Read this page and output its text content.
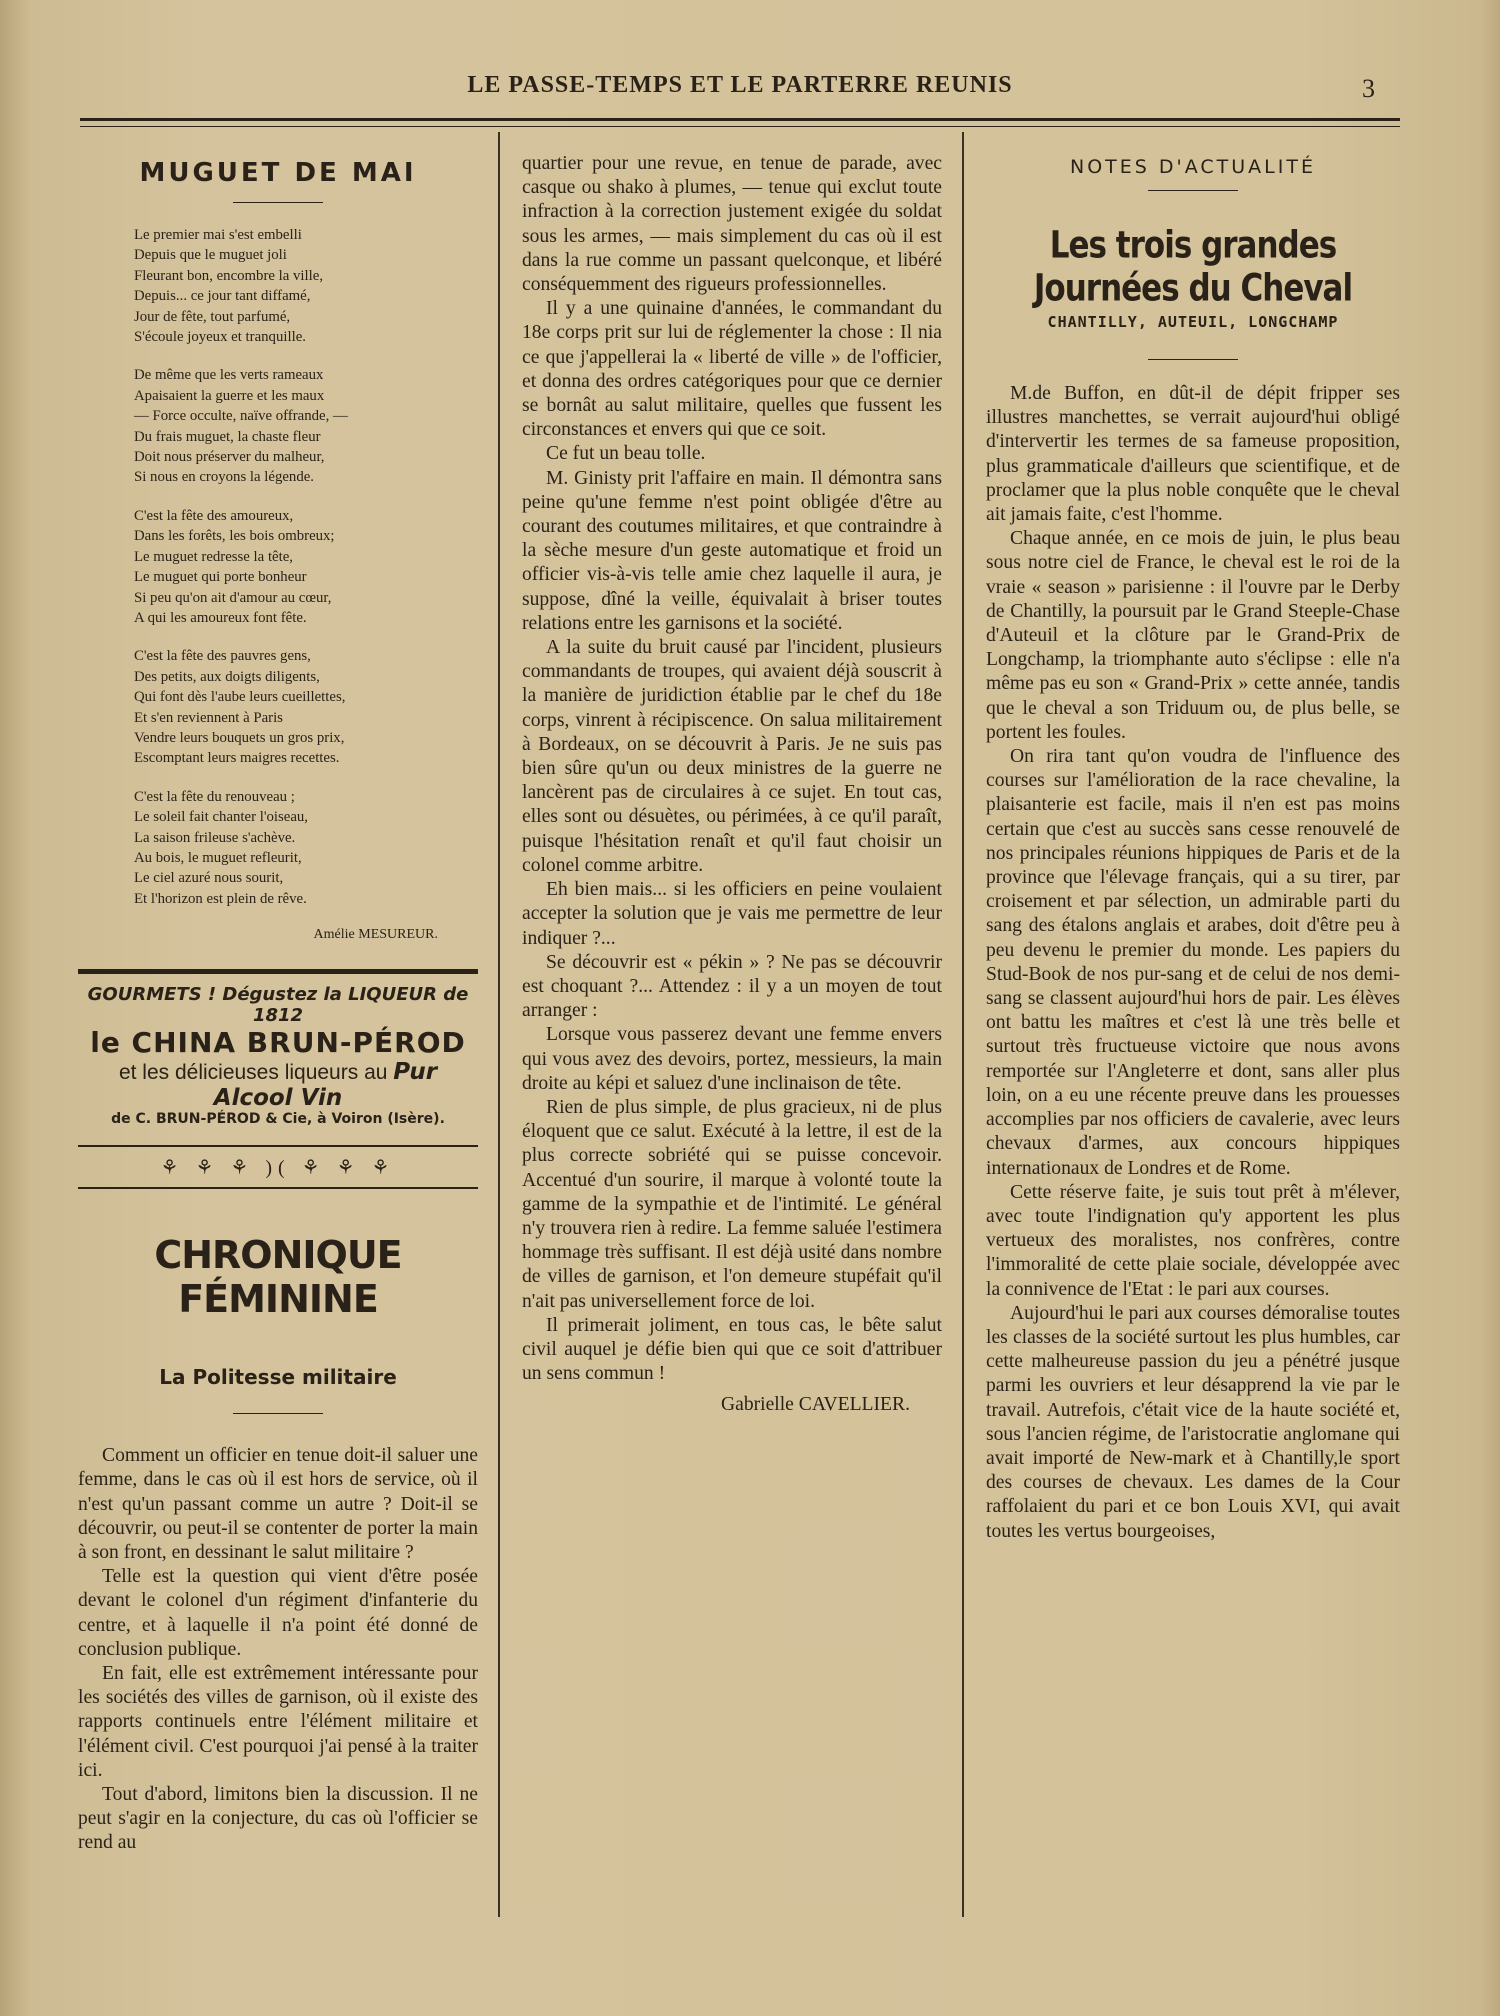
LE PASSE-TEMPS ET LE PARTERRE REUNIS	3
MUGUET DE MAI
Le premier mai s'est embelli
Depuis que le muguet joli
Fleurant bon, encombre la ville,
Depuis... ce jour tant diffamé,
Jour de fête, tout parfumé,
S'écoule joyeux et tranquille.
De même que les verts rameaux
Apaisaient la guerre et les maux
— Force occulte, naïve offrande, —
Du frais muguet, la chaste fleur
Doit nous préserver du malheur,
Si nous en croyons la légende.
C'est la fête des amoureux,
Dans les forêts, les bois ombreux;
Le muguet redresse la tête,
Le muguet qui porte bonheur
Si peu qu'on ait d'amour au cœur,
A qui les amoureux font fête.
C'est la fête des pauvres gens,
Des petits, aux doigts diligents,
Qui font dès l'aube leurs cueillettes,
Et s'en reviennent à Paris
Vendre leurs bouquets un gros prix,
Escomptant leurs maigres recettes.
C'est la fête du renouveau ;
Le soleil fait chanter l'oiseau,
La saison frileuse s'achève.
Au bois, le muguet refleurit,
Le ciel azuré nous sourit,
Et l'horizon est plein de rêve.
Amélie MESUREUR.
GOURMETS ! Dégustez la LIQUEUR de 1812
le CHINA BRUN-PÉROD
et les délicieuses liqueurs au Pur Alcool Vin
de C. BRUN-PÉROD & Cie, à Voiron (Isère).
⚘ ⚘ ⚘ )( ⚘ ⚘ ⚘
CHRONIQUE FÉMININE
La Politesse militaire

Comment un officier en tenue doit-il saluer une femme, dans le cas où il est hors de service, où il n'est qu'un passant comme un autre ? Doit-il se découvrir, ou peut-il se contenter de porter la main à son front, en dessinant le salut militaire ?

Telle est la question qui vient d'être posée devant le colonel d'un régiment d'infanterie du centre, et à laquelle il n'a point été donné de conclusion publique.

En fait, elle est extrêmement intéressante pour les sociétés des villes de garnison, où il existe des rapports continuels entre l'élément militaire et l'élément civil. C'est pourquoi j'ai pensé à la traiter ici.

Tout d'abord, limitons bien la discussion. Il ne peut s'agir en la conjecture, du cas où l'officier se rend au

quartier pour une revue, en tenue de parade, avec casque ou shako à plumes, — tenue qui exclut toute infraction à la correction justement exigée du soldat sous les armes, — mais simplement du cas où il est dans la rue comme un passant quelconque, et libéré conséquemment des rigueurs professionnelles.

Il y a une quinaine d'années, le commandant du 18e corps prit sur lui de réglementer la chose : Il nia ce que j'appellerai la « liberté de ville » de l'officier, et donna des ordres catégoriques pour que ce dernier se bornât au salut militaire, quelles que fussent les circonstances et envers qui que ce soit.

Ce fut un beau tolle.

M. Ginisty prit l'affaire en main. Il démontra sans peine qu'une femme n'est point obligée d'être au courant des coutumes militaires, et que contraindre à la sèche mesure d'un geste automatique et froid un officier vis-à-vis telle amie chez laquelle il aura, je suppose, dîné la veille, équivalait à briser toutes relations entre les garnisons et la société.

A la suite du bruit causé par l'incident, plusieurs commandants de troupes, qui avaient déjà souscrit à la manière de juridiction établie par le chef du 18e corps, vinrent à récipiscence. On salua militairement à Bordeaux, on se découvrit à Paris. Je ne suis pas bien sûre qu'un ou deux ministres de la guerre ne lancèrent pas de circulaires à ce sujet. En tout cas, elles sont ou désuètes, ou périmées, à ce qu'il paraît, puisque l'hésitation renaît et qu'il faut choisir un colonel comme arbitre.

Eh bien mais... si les officiers en peine voulaient accepter la solution que je vais me permettre de leur indiquer ?...

Se découvrir est « pékin » ? Ne pas se découvrir est choquant ?... Attendez : il y a un moyen de tout arranger :

Lorsque vous passerez devant une femme envers qui vous avez des devoirs, portez, messieurs, la main droite au képi et saluez d'une inclinaison de tête.

Rien de plus simple, de plus gracieux, ni de plus éloquent que ce salut. Exécuté à la lettre, il est de la plus correcte sobriété qui se puisse concevoir. Accentué d'un sourire, il marque à volonté toute la gamme de la sympathie et de l'intimité. Le général n'y trouvera rien à redire. La femme saluée l'estimera hommage très suffisant. Il est déjà usité dans nombre de villes de garnison, et l'on demeure stupéfait qu'il n'ait pas universellement force de loi.

Il primerait joliment, en tous cas, le bête salut civil auquel je défie bien qui que ce soit d'attribuer un sens commun !

Gabrielle CAVELLIER.
NOTES D'ACTUALITÉ
Les trois grandes Journées du Cheval
CHANTILLY, AUTEUIL, LONGCHAMP

M.de Buffon, en dût-il de dépit fripper ses illustres manchettes, se verrait aujourd'hui obligé d'intervertir les termes de sa fameuse proposition, plus grammaticale d'ailleurs que scientifique, et de proclamer que la plus noble conquête que le cheval ait jamais faite, c'est l'homme.

Chaque année, en ce mois de juin, le plus beau sous notre ciel de France, le cheval est le roi de la vraie « season » parisienne : il l'ouvre par le Derby de Chantilly, la poursuit par le Grand Steeple-Chase d'Auteuil et la clôture par le Grand-Prix de Longchamp, la triomphante auto s'éclipse : elle n'a même pas eu son « Grand-Prix » cette année, tandis que le cheval a son Triduum ou, de plus belle, se portent les foules.

On rira tant qu'on voudra de l'influence des courses sur l'amélioration de la race chevaline, la plaisanterie est facile, mais il n'en est pas moins certain que c'est au succès sans cesse renouvelé de nos principales réunions hippiques de Paris et de la province que l'élevage français, qui a su tirer, par croisement et par sélection, un admirable parti du sang des étalons anglais et arabes, doit d'être peu à peu devenu le premier du monde. Les papiers du Stud-Book de nos pur-sang et de celui de nos demi-sang se classent aujourd'hui hors de pair. Les élèves ont battu les maîtres et c'est là une très belle et surtout très fructueuse victoire que nous avons remportée sur l'Angleterre et dont, sans aller plus loin, on a eu une récente preuve dans les prouesses accomplies par nos officiers de cavalerie, avec leurs chevaux d'armes, aux concours hippiques internationaux de Londres et de Rome.

Cette réserve faite, je suis tout prêt à m'élever, avec toute l'indignation qu'y apportent les plus vertueux des moralistes, nos confrères, contre l'immoralité de cette plaie sociale, développée avec la connivence de l'Etat : le pari aux courses.

Aujourd'hui le pari aux courses démoralise toutes les classes de la société surtout les plus humbles, car cette malheureuse passion du jeu a pénétré jusque parmi les ouvriers et leur désapprend la vie par le travail. Autrefois, c'était vice de la haute société et, sous l'ancien régime, de l'aristocratie anglomane qui avait importé de New-mark et à Chantilly,le sport des courses de chevaux. Les dames de la Cour raffolaient du pari et ce bon Louis XVI, qui avait toutes les vertus bourgeoises,
